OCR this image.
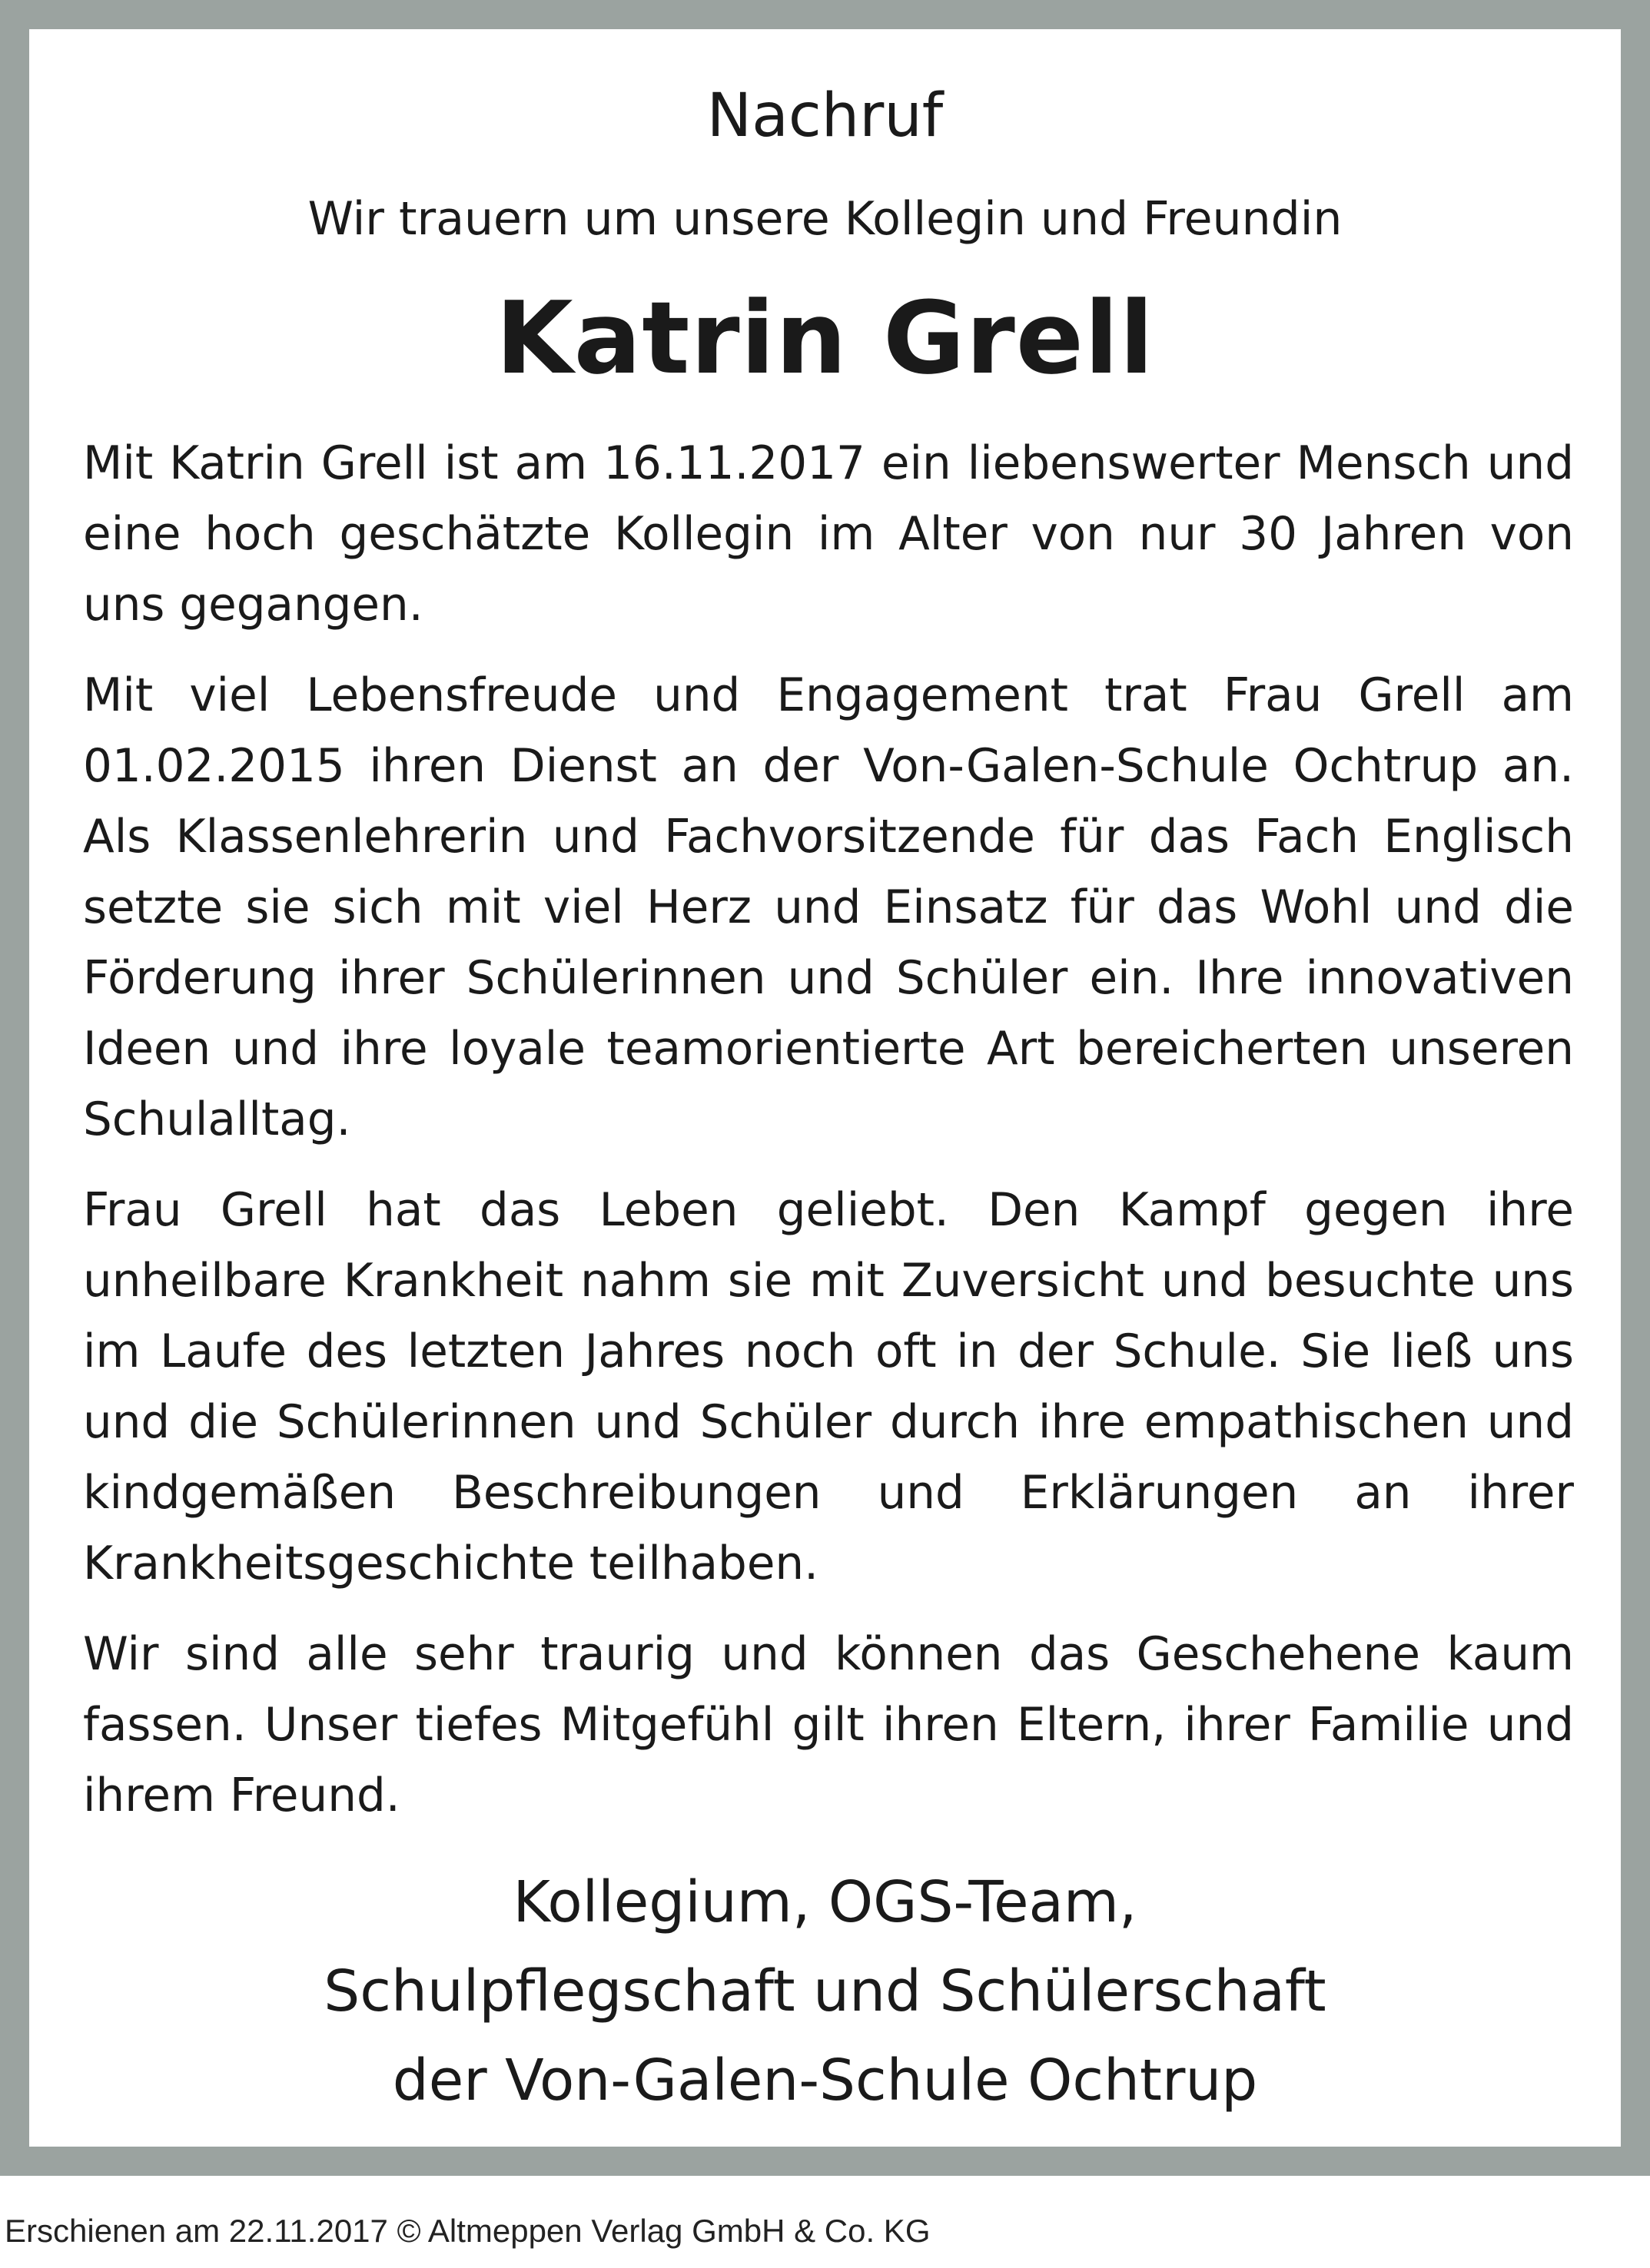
Nachruf
Wir trauern um unsere Kollegin und Freundin
Katrin Grell

Mit Katrin Grell ist am 16.11.2017 ein liebenswerter Mensch und eine hoch geschätzte Kollegin im Alter von nur 30 Jahren von uns gegangen.

Mit viel Lebensfreude und Engagement trat Frau Grell am 01.02.2015 ihren Dienst an der Von-Galen-Schule Ochtrup an. Als Klassenlehrerin und Fachvorsitzende für das Fach Englisch setzte sie sich mit viel Herz und Einsatz für das Wohl und die Förderung ihrer Schülerinnen und Schüler ein. Ihre innovativen Ideen und ihre loyale teamorientierte Art bereicherten unseren Schulalltag.

Frau Grell hat das Leben geliebt. Den Kampf gegen ihre unheilbare Krankheit nahm sie mit Zuversicht und besuchte uns im Laufe des letzten Jahres noch oft in der Schule. Sie ließ uns und die Schülerinnen und Schüler durch ihre empathischen und kindgemäßen Beschreibungen und Erklärungen an ihrer Krankheitsgeschichte teilhaben.

Wir sind alle sehr traurig und können das Geschehene kaum fassen. Unser tiefes Mitgefühl gilt ihren Eltern, ihrer Familie und ihrem Freund.

Kollegium, OGS-Team,
Schulpflegschaft und Schülerschaft
der Von-Galen-Schule Ochtrup
Erschienen am 22.11.2017 © Altmeppen Verlag GmbH & Co. KG
